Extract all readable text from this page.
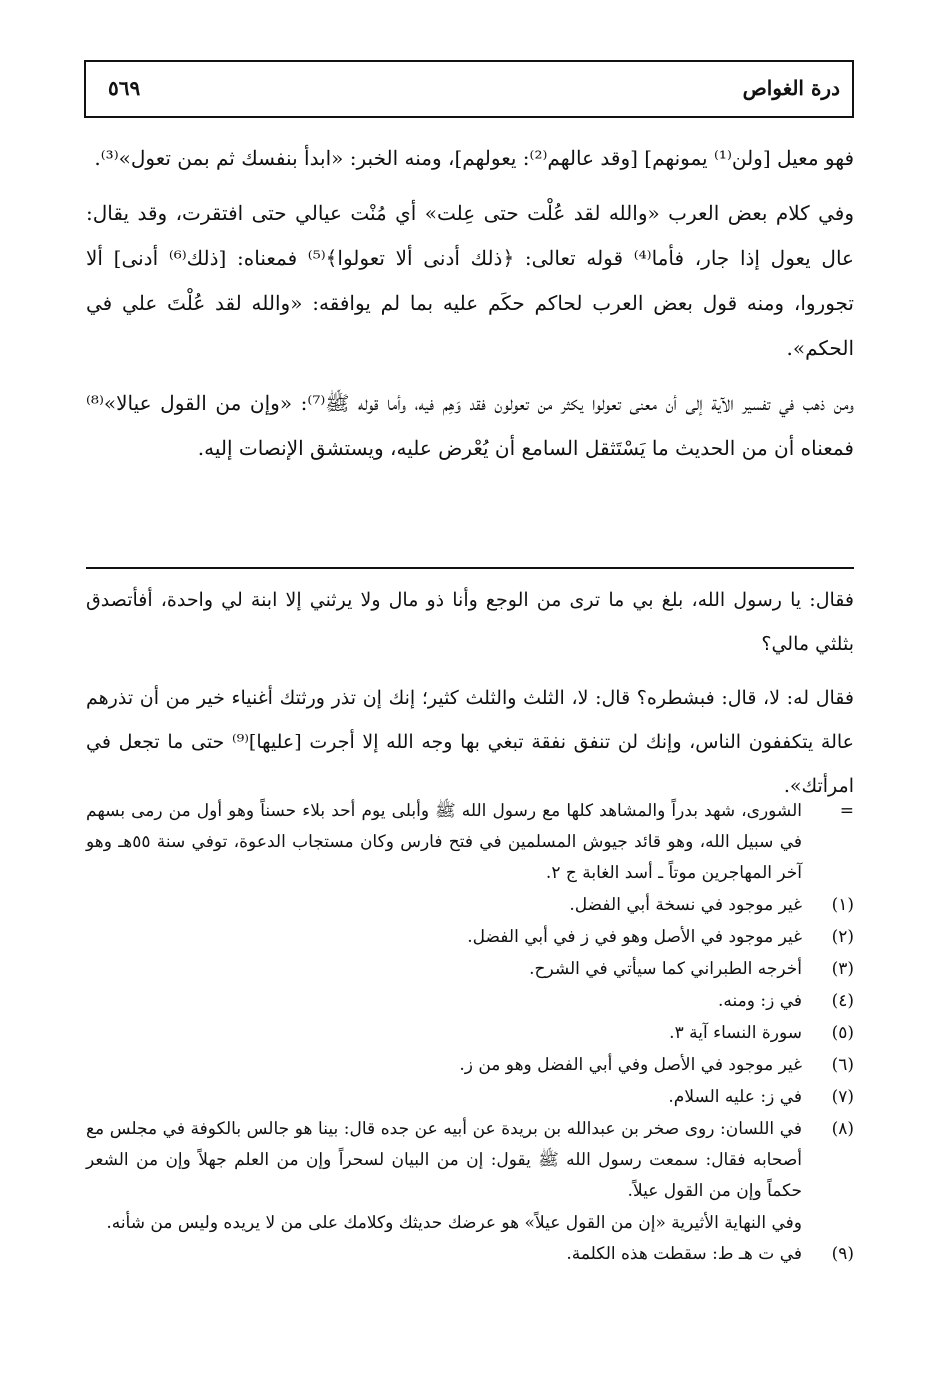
درة الغواص
٥٦٩

فهو معيل [ولن⁽¹⁾ يمونهم] [وقد عالهم⁽²⁾: يعولهم]، ومنه الخبر: «ابدأ بنفسك ثم بمن تعول»⁽³⁾.

وفي كلام بعض العرب «والله لقد عُلْت حتى عِلت» أي مُنْت عيالي حتى افتقرت، وقد يقال: عال يعول إذا جار، فأما⁽⁴⁾ قوله تعالى: ﴿ذلك أدنى ألا تعولوا﴾⁽⁵⁾ فمعناه: [ذلك⁽⁶⁾ أدنى] ألا تجوروا، ومنه قول بعض العرب لحاكم حكَم عليه بما لم يوافقه: «والله لقد عُلْتَ علي في الحكم».

ومن ذهب في تفسير الآية إلى أن معنى تعولوا يكثر من تعولون فقد وَهِم فيه، وأما قوله ﷺ⁽⁷⁾: «وإن من القول عيالا»⁽⁸⁾ فمعناه أن من الحديث ما يَسْتَثقل السامع أن يُعْرض عليه، ويستشق الإنصات إليه.

فقال: يا رسول الله، بلغ بي ما ترى من الوجع وأنا ذو مال ولا يرثني إلا ابنة لي واحدة، أفأتصدق بثلثي مالي؟

فقال له: لا، قال: فبشطره؟ قال: لا، الثلث والثلث كثير؛ إنك إن تذر ورثتك أغنياء خير من أن تذرهم عالة يتكففون الناس، وإنك لن تنفق نفقة تبغي بها وجه الله إلا أجرت [عليها]⁽⁹⁾ حتى ما تجعل في امرأتك».

=
الشورى، شهد بدراً والمشاهد كلها مع رسول الله ﷺ وأبلى يوم أحد بلاء حسناً وهو أول من رمى بسهم في سبيل الله، وهو قائد جيوش المسلمين في فتح فارس وكان مستجاب الدعوة، توفي سنة ٥٥هـ وهو آخر المهاجرين موتاً ـ أسد الغابة ج ٢.
(١)
غير موجود في نسخة أبي الفضل.
(٢)
غير موجود في الأصل وهو في ز في أبي الفضل.
(٣)
أخرجه الطبراني كما سيأتي في الشرح.
(٤)
في ز: ومنه.
(٥)
سورة النساء آية ٣.
(٦)
غير موجود في الأصل وفي أبي الفضل وهو من ز.
(٧)
في ز: عليه السلام.
(٨)
في اللسان: روى صخر بن عبدالله بن بريدة عن أبيه عن جده قال: بينا هو جالس بالكوفة في مجلس مع أصحابه فقال: سمعت رسول الله ﷺ يقول: إن من البيان لسحراً وإن من العلم جهلاً وإن من الشعر حكماً وإن من القول عيلاً.
وفي النهاية الأثيرية «إن من القول عيلاً» هو عرضك حديثك وكلامك على من لا يريده وليس من شأنه.
(٩)
في ت هـ ط: سقطت هذه الكلمة.
